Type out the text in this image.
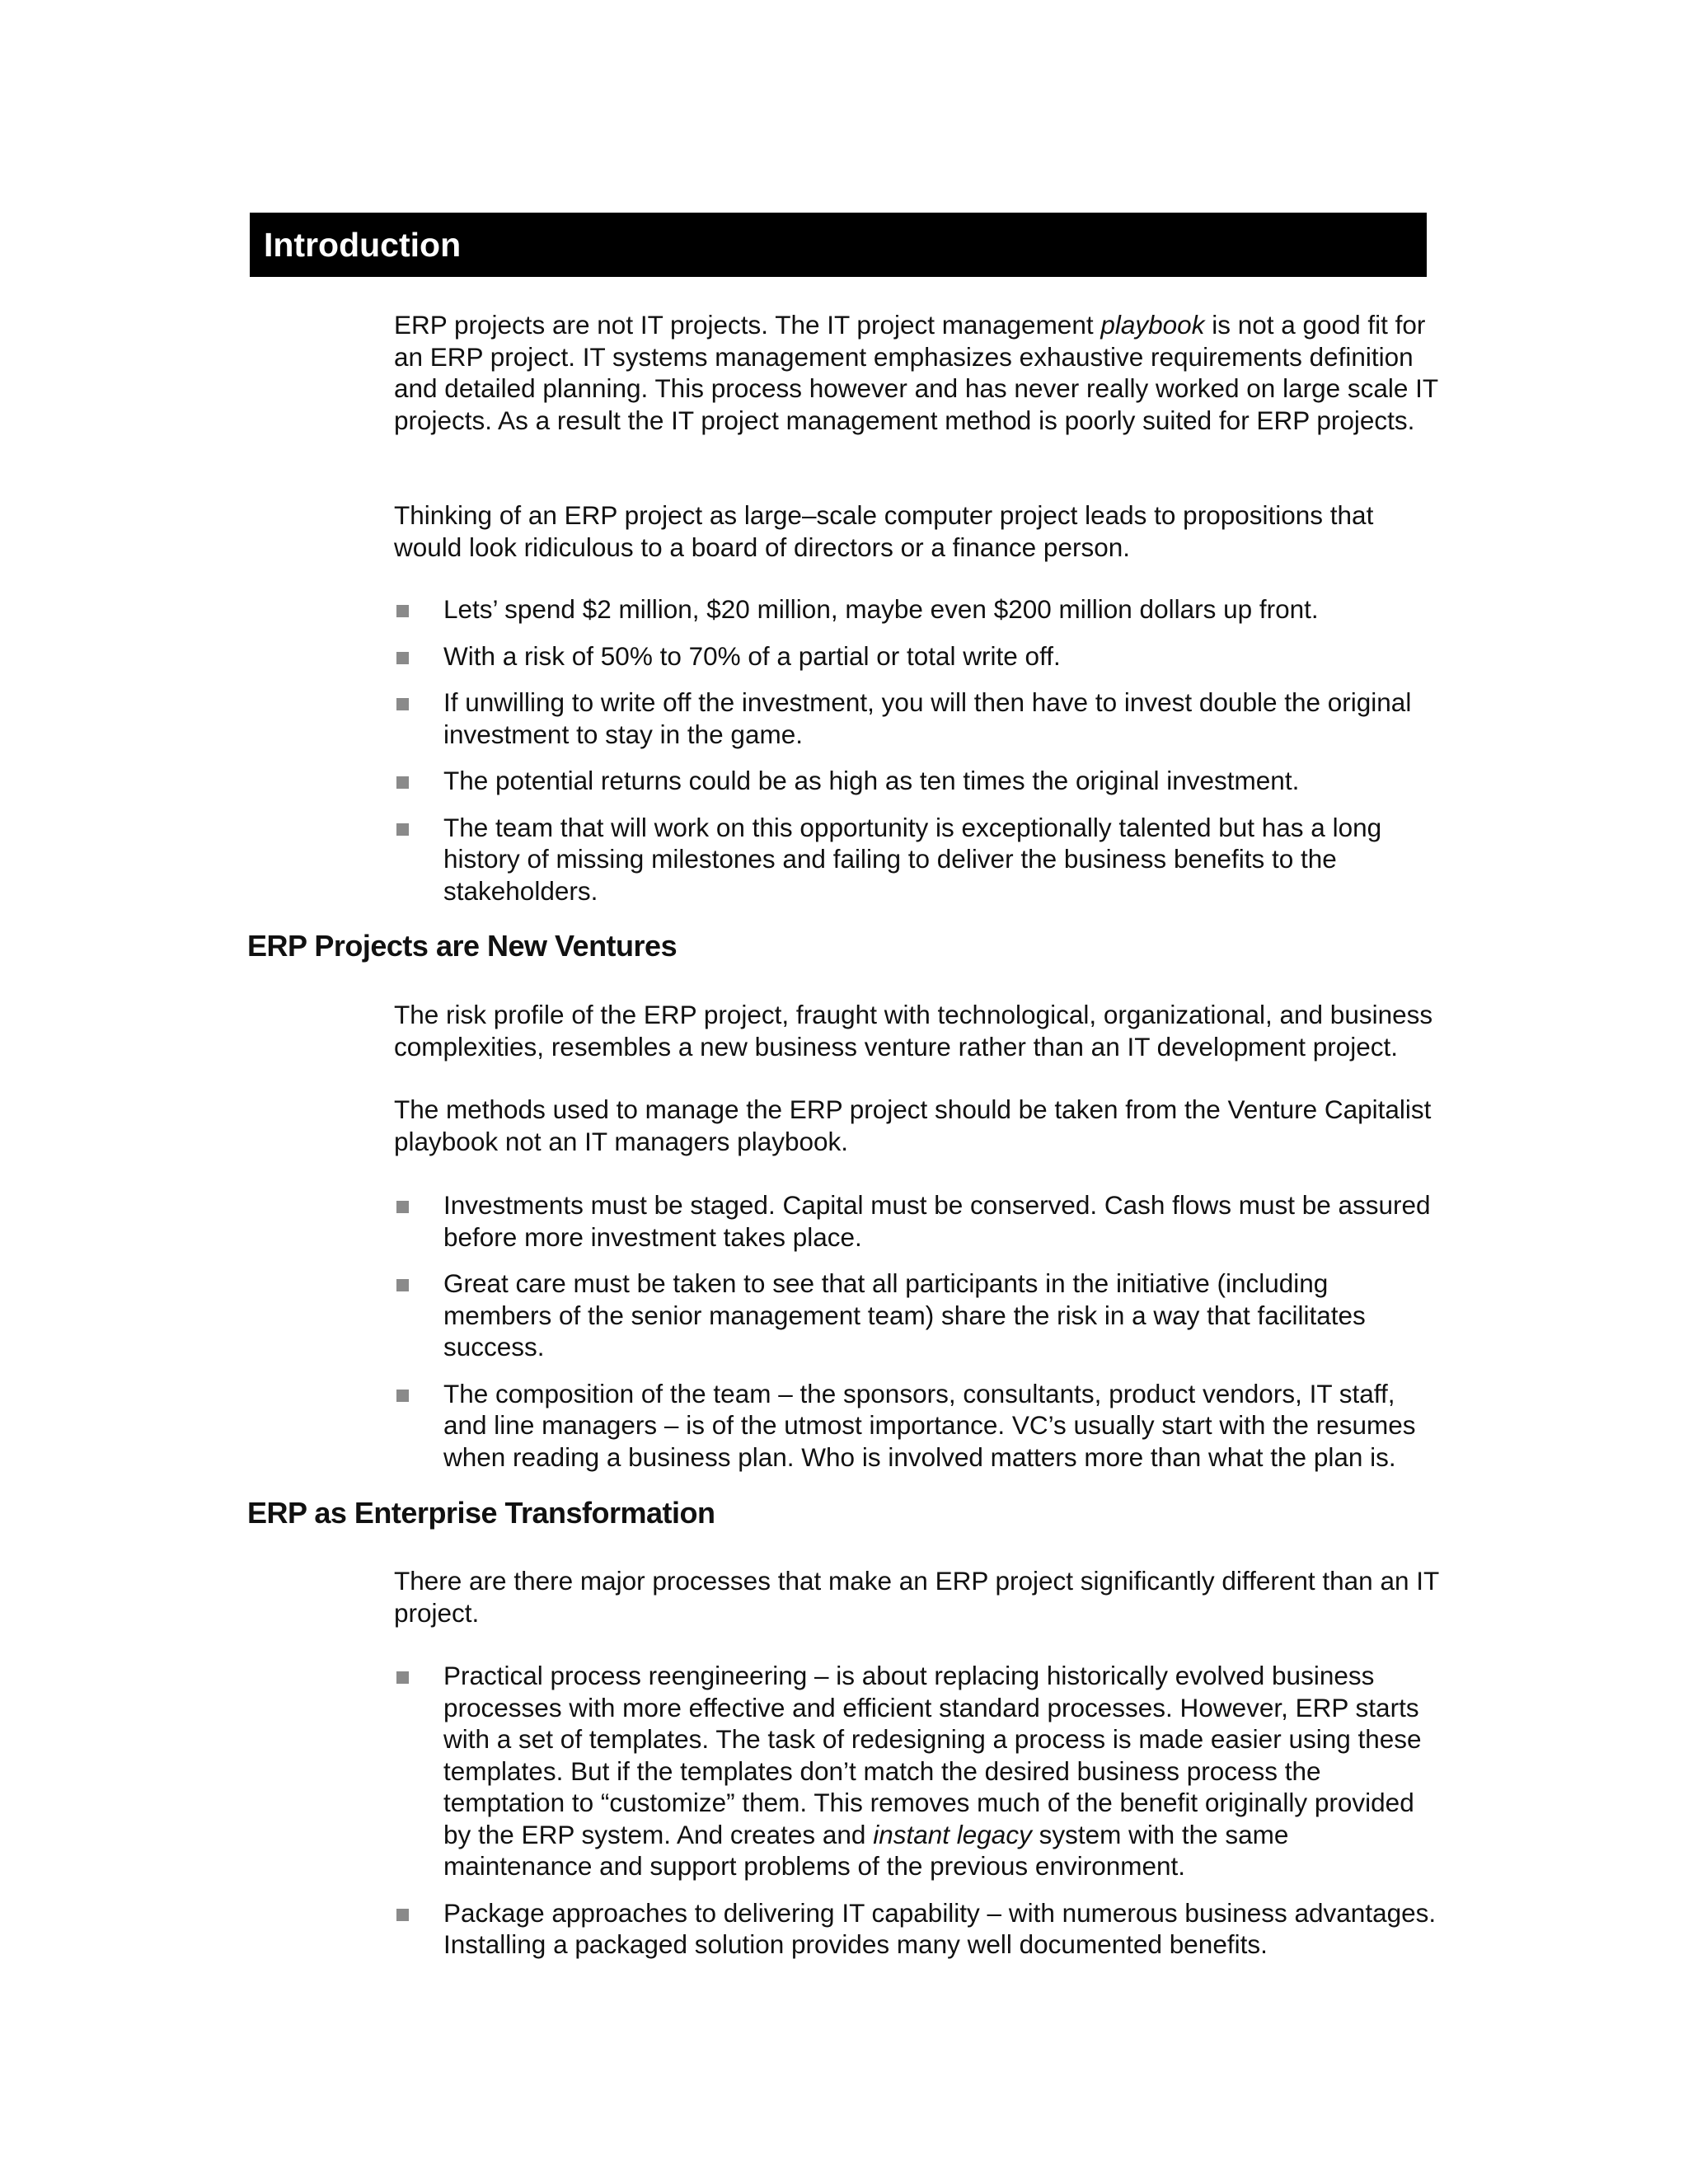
Introduction

ERP projects are not IT projects. The IT project management playbook is not a good fit for an ERP project. IT systems management emphasizes exhaustive requirements definition and detailed planning. This process however and has never really worked on large scale IT projects. As a result the IT project management method is poorly suited for ERP projects.

Thinking of an ERP project as large–scale computer project leads to propositions that would look ridiculous to a board of directors or a finance person.

Lets’ spend $2 million, $20 million, maybe even $200 million dollars up front.
With a risk of 50% to 70% of a partial or total write off.
If unwilling to write off the investment, you will then have to invest double the original investment to stay in the game.
The potential returns could be as high as ten times the original investment.
The team that will work on this opportunity is exceptionally talented but has a long history of missing milestones and failing to deliver the business benefits to the stakeholders.
ERP Projects are New Ventures

The risk profile of the ERP project, fraught with technological, organizational, and business complexities, resembles a new business venture rather than an IT development project.

The methods used to manage the ERP project should be taken from the Venture Capitalist playbook not an IT managers playbook.

Investments must be staged. Capital must be conserved. Cash flows must be assured before more investment takes place.
Great care must be taken to see that all participants in the initiative (including members of the senior management team) share the risk in a way that facilitates success.
The composition of the team – the sponsors, consultants, product vendors, IT staff, and line managers – is of the utmost importance. VC’s usually start with the resumes when reading a business plan. Who is involved matters more than what the plan is.
ERP as Enterprise Transformation

There are there major processes that make an ERP project significantly different than an IT project.

Practical process reengineering – is about replacing historically evolved business processes with more effective and efficient standard processes. However, ERP starts with a set of templates. The task of redesigning a process is made easier using these templates. But if the templates don’t match the desired business process the temptation to “customize” them. This removes much of the benefit originally provided by the ERP system. And creates and instant legacy system with the same maintenance and support problems of the previous environment.
Package approaches to delivering IT capability – with numerous business advantages. Installing a packaged solution provides many well documented benefits.
